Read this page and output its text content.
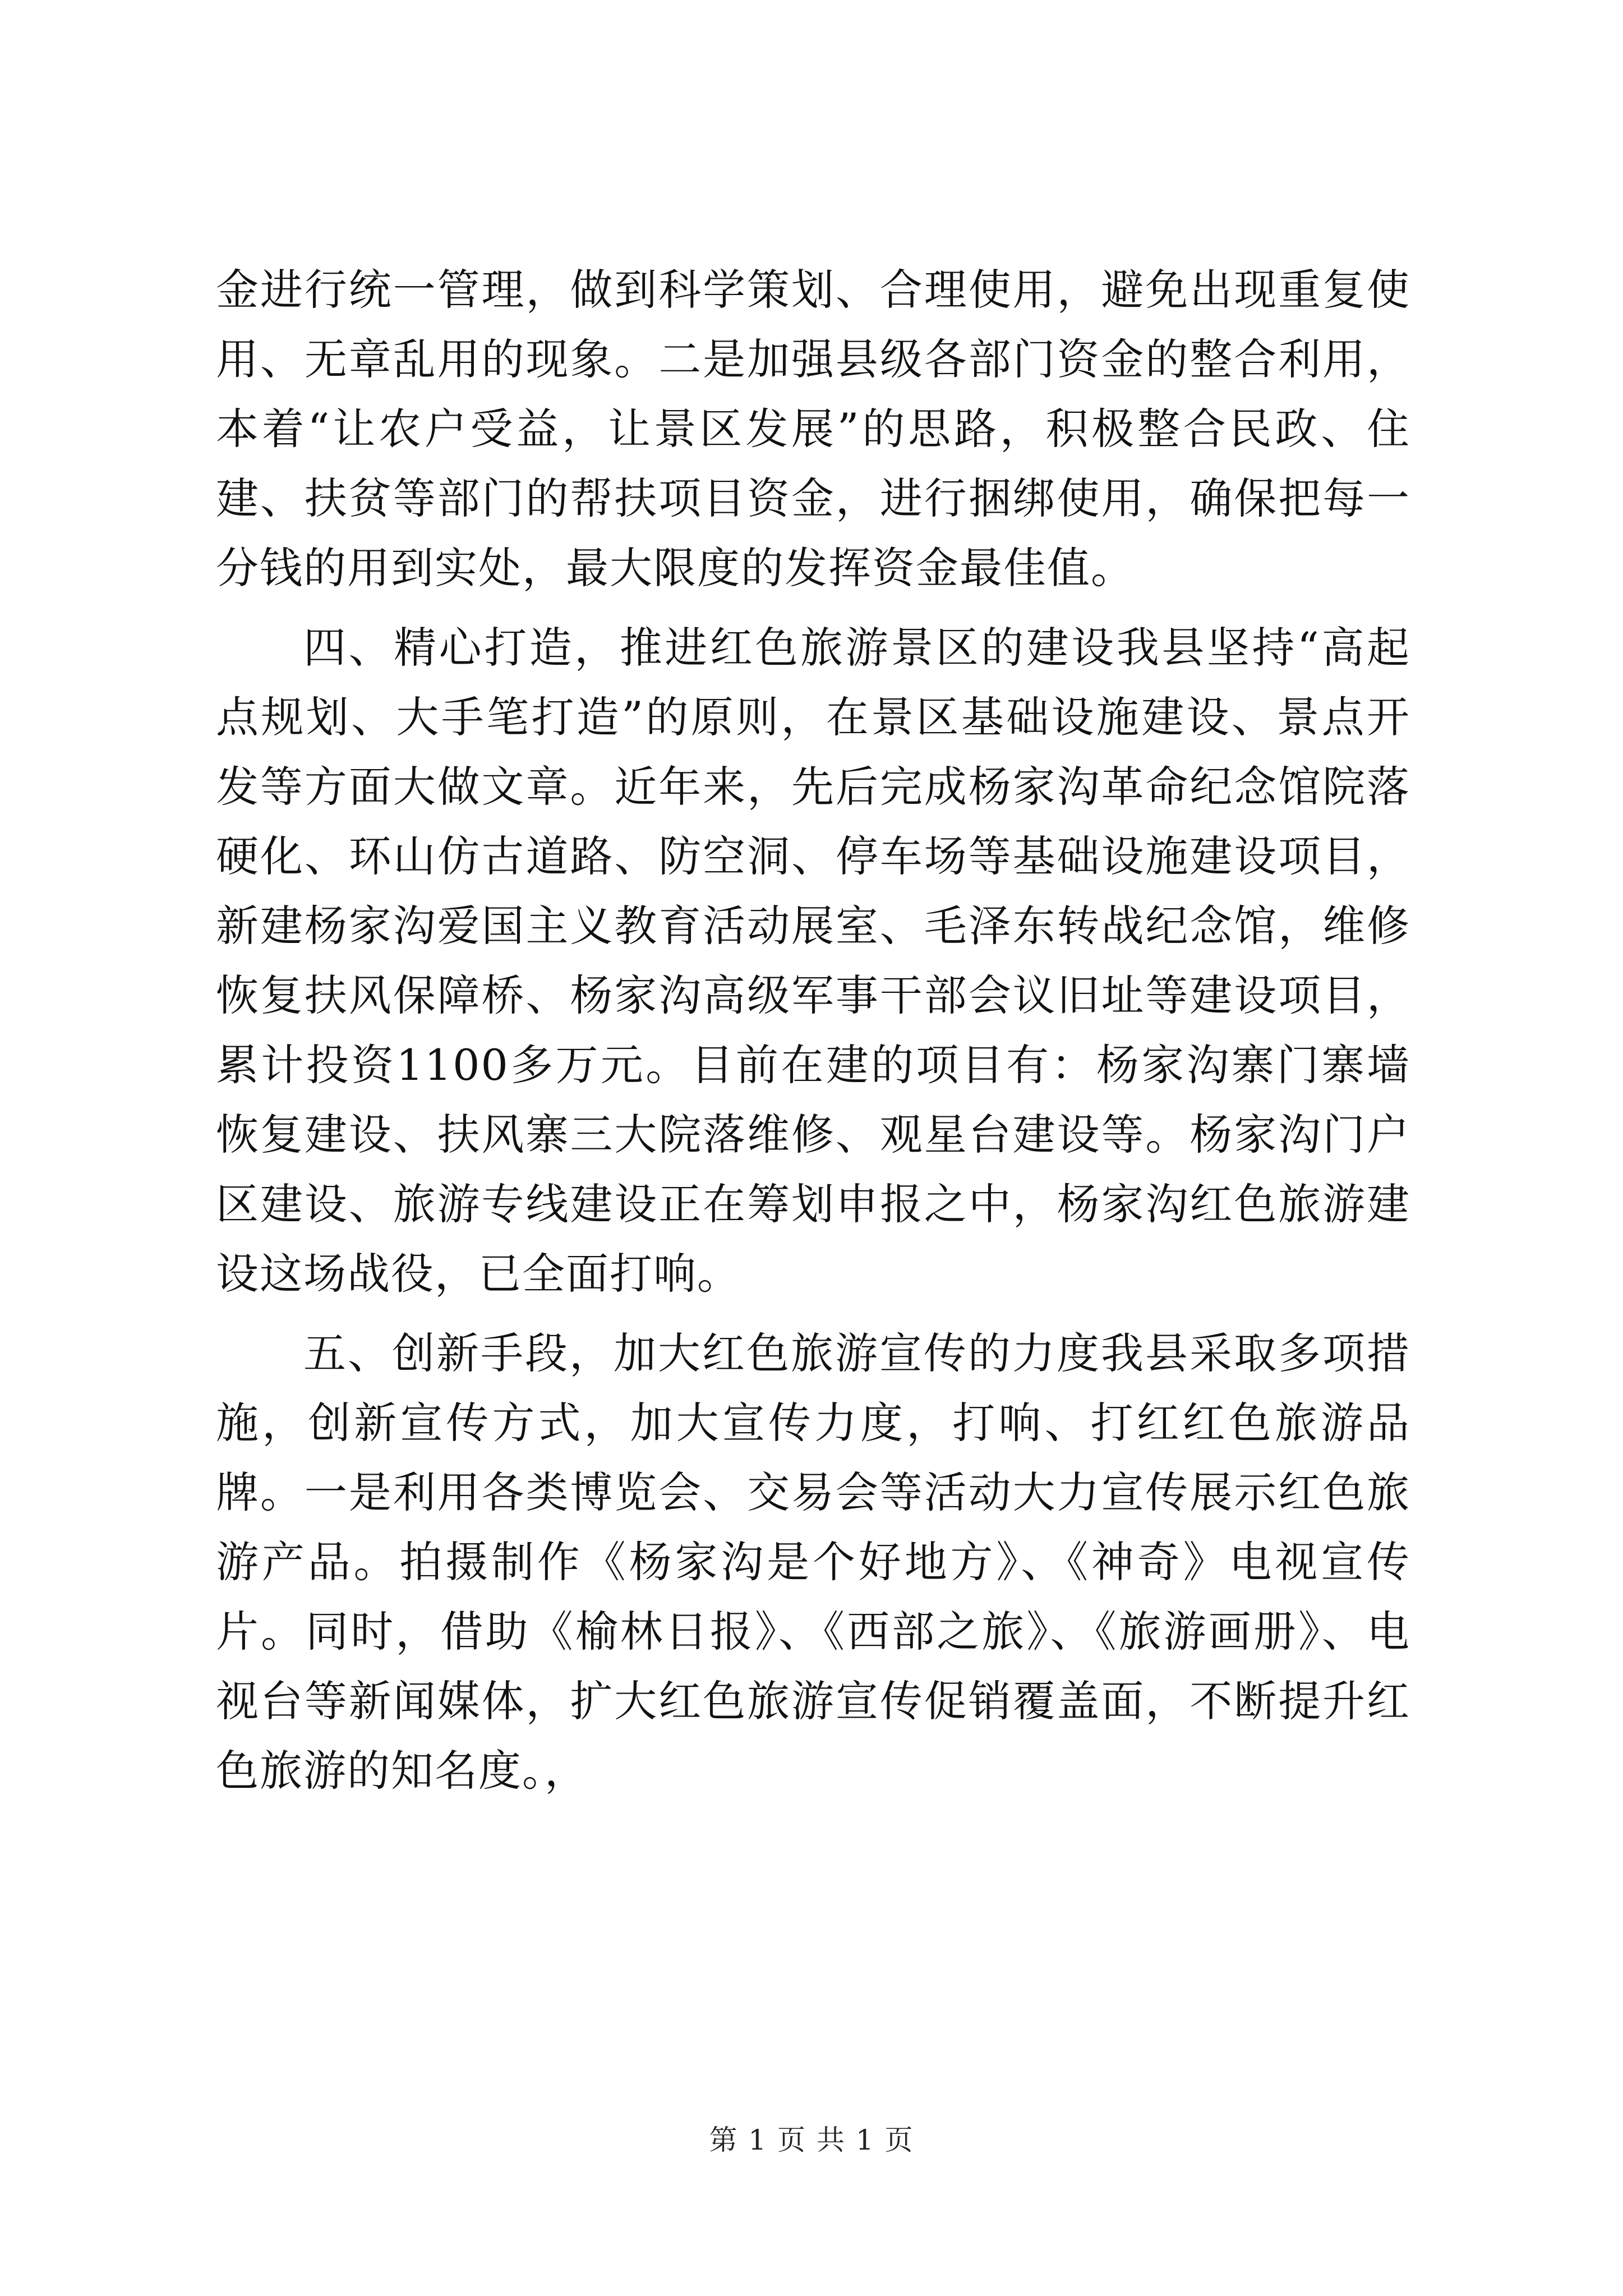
金进行统一管理，做到科学策划、合理使用，避免出现重复使用、无章乱用的现象。二是加强县级各部门资金的整合利用，本着“让农户受益，让景区发展”的思路，积极整合民政、住建、扶贫等部门的帮扶项目资金，进行捆绑使用，确保把每一分钱的用到实处，最大限度的发挥资金最佳值。

四、精心打造，推进红色旅游景区的建设我县坚持“高起点规划、大手笔打造”的原则，在景区基础设施建设、景点开发等方面大做文章。近年来，先后完成杨家沟革命纪念馆院落硬化、环山仿古道路、防空洞、停车场等基础设施建设项目，新建杨家沟爱国主义教育活动展室、毛泽东转战纪念馆，维修恢复扶风保障桥、杨家沟高级军事干部会议旧址等建设项目，累计投资1100多万元。目前在建的项目有：杨家沟寨门寨墙恢复建设、扶风寨三大院落维修、观星台建设等。杨家沟门户区建设、旅游专线建设正在筹划申报之中，杨家沟红色旅游建设这场战役，已全面打响。

五、创新手段，加大红色旅游宣传的力度我县采取多项措施，创新宣传方式，加大宣传力度，打响、打红红色旅游品牌。一是利用各类博览会、交易会等活动大力宣传展示红色旅游产品。拍摄制作《杨家沟是个好地方》、《神奇》电视宣传片。同时，借助《榆林日报》、《西部之旅》、《旅游画册》、电视台等新闻媒体，扩大红色旅游宣传促销覆盖面，不断提升红色旅游的知名度。，

第 1 页 共 1 页
